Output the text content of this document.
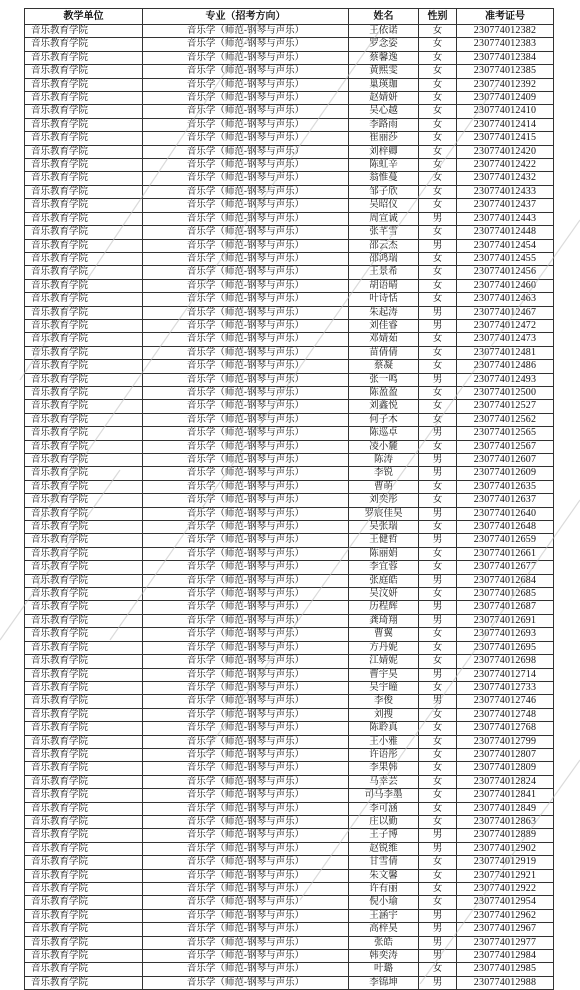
教学单位	专业（招考方向）	姓名	性别	准考证号
音乐教育学院	音乐学（师范-钢琴与声乐）	王依诺	女	230774012382
音乐教育学院	音乐学（师范-钢琴与声乐）	罗念姿	女	230774012383
音乐教育学院	音乐学（师范-钢琴与声乐）	蔡馨逸	女	230774012384
音乐教育学院	音乐学（师范-钢琴与声乐）	黄熙雯	女	230774012385
音乐教育学院	音乐学（师范-钢琴与声乐）	巢瑛珈	女	230774012392
音乐教育学院	音乐学（师范-钢琴与声乐）	赵婧妍	女	230774012409
音乐教育学院	音乐学（师范-钢琴与声乐）	吴心越	女	230774012410
音乐教育学院	音乐学（师范-钢琴与声乐）	李路雨	女	230774012414
音乐教育学院	音乐学（师范-钢琴与声乐）	崔丽莎	女	230774012415
音乐教育学院	音乐学（师范-钢琴与声乐）	刘梓卿	女	230774012420
音乐教育学院	音乐学（师范-钢琴与声乐）	陈虹辛	女	230774012422
音乐教育学院	音乐学（师范-钢琴与声乐）	翁惟蔓	女	230774012432
音乐教育学院	音乐学（师范-钢琴与声乐）	邹子欣	女	230774012433
音乐教育学院	音乐学（师范-钢琴与声乐）	吴昭仪	女	230774012437
音乐教育学院	音乐学（师范-钢琴与声乐）	周宣诚	男	230774012443
音乐教育学院	音乐学（师范-钢琴与声乐）	张芊雪	女	230774012448
音乐教育学院	音乐学（师范-钢琴与声乐）	邵云杰	男	230774012454
音乐教育学院	音乐学（师范-钢琴与声乐）	邵鸿瑞	女	230774012455
音乐教育学院	音乐学（师范-钢琴与声乐）	王景希	女	230774012456
音乐教育学院	音乐学（师范-钢琴与声乐）	胡语晴	女	230774012460
音乐教育学院	音乐学（师范-钢琴与声乐）	叶诗恬	女	230774012463
音乐教育学院	音乐学（师范-钢琴与声乐）	朱起涛	男	230774012467
音乐教育学院	音乐学（师范-钢琴与声乐）	刘佳睿	男	230774012472
音乐教育学院	音乐学（师范-钢琴与声乐）	邓婧茹	女	230774012473
音乐教育学院	音乐学（师范-钢琴与声乐）	苗倩倩	女	230774012481
音乐教育学院	音乐学（师范-钢琴与声乐）	蔡凝	女	230774012486
音乐教育学院	音乐学（师范-钢琴与声乐）	张一鸣	男	230774012493
音乐教育学院	音乐学（师范-钢琴与声乐）	陈盈盈	女	230774012500
音乐教育学院	音乐学（师范-钢琴与声乐）	刘鑫悦	女	230774012527
音乐教育学院	音乐学（师范-钢琴与声乐）	何子木	女	230774012562
音乐教育学院	音乐学（师范-钢琴与声乐）	陈巡卓	男	230774012565
音乐教育学院	音乐学（师范-钢琴与声乐）	凌小麓	女	230774012567
音乐教育学院	音乐学（师范-钢琴与声乐）	陈涛	男	230774012607
音乐教育学院	音乐学（师范-钢琴与声乐）	李锐	男	230774012609
音乐教育学院	音乐学（师范-钢琴与声乐）	曹萌	女	230774012635
音乐教育学院	音乐学（师范-钢琴与声乐）	刘奕彤	女	230774012637
音乐教育学院	音乐学（师范-钢琴与声乐）	罗宸佳昊	男	230774012640
音乐教育学院	音乐学（师范-钢琴与声乐）	吴张瑞	女	230774012648
音乐教育学院	音乐学（师范-钢琴与声乐）	王健哲	男	230774012659
音乐教育学院	音乐学（师范-钢琴与声乐）	陈丽娟	女	230774012661
音乐教育学院	音乐学（师范-钢琴与声乐）	李宜蓉	女	230774012677
音乐教育学院	音乐学（师范-钢琴与声乐）	张庭皓	男	230774012684
音乐教育学院	音乐学（师范-钢琴与声乐）	吴汶妍	女	230774012685
音乐教育学院	音乐学（师范-钢琴与声乐）	历程辉	男	230774012687
音乐教育学院	音乐学（师范-钢琴与声乐）	龚琦翔	男	230774012691
音乐教育学院	音乐学（师范-钢琴与声乐）	曹翼	女	230774012693
音乐教育学院	音乐学（师范-钢琴与声乐）	方丹妮	女	230774012695
音乐教育学院	音乐学（师范-钢琴与声乐）	江婧妮	女	230774012698
音乐教育学院	音乐学（师范-钢琴与声乐）	曹宇昊	男	230774012714
音乐教育学院	音乐学（师范-钢琴与声乐）	吴宇曈	女	230774012733
音乐教育学院	音乐学（师范-钢琴与声乐）	李俊	男	230774012746
音乐教育学院	音乐学（师范-钢琴与声乐）	刘搜	女	230774012748
音乐教育学院	音乐学（师范-钢琴与声乐）	陈聆真	女	230774012768
音乐教育学院	音乐学（师范-钢琴与声乐）	王小雅	女	230774012799
音乐教育学院	音乐学（师范-钢琴与声乐）	许语彤	女	230774012807
音乐教育学院	音乐学（师范-钢琴与声乐）	李果韩	女	230774012809
音乐教育学院	音乐学（师范-钢琴与声乐）	马幸芸	女	230774012824
音乐教育学院	音乐学（师范-钢琴与声乐）	司马李墨	女	230774012841
音乐教育学院	音乐学（师范-钢琴与声乐）	李可涵	女	230774012849
音乐教育学院	音乐学（师范-钢琴与声乐）	庄以勤	女	230774012863
音乐教育学院	音乐学（师范-钢琴与声乐）	王子博	男	230774012889
音乐教育学院	音乐学（师范-钢琴与声乐）	赵锐维	男	230774012902
音乐教育学院	音乐学（师范-钢琴与声乐）	甘雪倩	女	230774012919
音乐教育学院	音乐学（师范-钢琴与声乐）	朱文馨	女	230774012921
音乐教育学院	音乐学（师范-钢琴与声乐）	许有丽	女	230774012922
音乐教育学院	音乐学（师范-钢琴与声乐）	倪小瑜	女	230774012954
音乐教育学院	音乐学（师范-钢琴与声乐）	王涵宇	男	230774012962
音乐教育学院	音乐学（师范-钢琴与声乐）	高梓昊	男	230774012967
音乐教育学院	音乐学（师范-钢琴与声乐）	张皓	男	230774012977
音乐教育学院	音乐学（师范-钢琴与声乐）	韩奕涛	男	230774012984
音乐教育学院	音乐学（师范-钢琴与声乐）	叶璐	女	230774012985
音乐教育学院	音乐学（师范-钢琴与声乐）	李锦坤	男	230774012988
